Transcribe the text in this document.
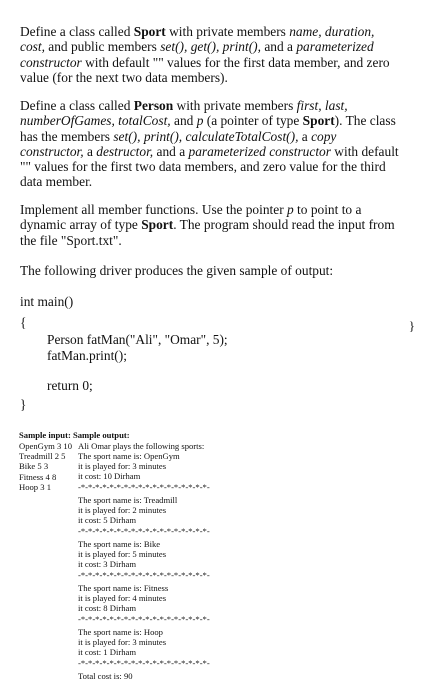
Define a class called Sport with private members name, duration, cost, and public members set(), get(), print(), and a parameterized constructor with default "" values for the first data member, and zero value (for the next two data members).
Define a class called Person with private members first, last, numberOfGames, totalCost, and p (a pointer of type Sport). The class has the members set(), print(), calculateTotalCost(), a copy constructor, a destructor, and a parameterized constructor with default "" values for the first two data members, and zero value for the third data member.
Implement all member functions. Use the pointer p to point to a dynamic array of type Sport. The program should read the input from the file "Sport.txt".
The following driver produces the given sample of output:
int main()
{
Person fatMan("Ali", "Omar", 5);
fatMan.print();
return 0;
}
}
Sample input: Sample output:
OpenGym 3 10
Treadmill 2 5
Bike 5 3
Fitness 4 8
Hoop 3 1
Ali Omar plays the following sports:
The sport name is: OpenGym
it is played for: 3 minutes
it cost: 10 Dirham
-*-*-*-*-*-*-*-*-*-*-*-*-*-*-*-*-*-*-
The sport name is: Treadmill
it is played for: 2 minutes
it cost: 5 Dirham
-*-*-*-*-*-*-*-*-*-*-*-*-*-*-*-*-*-*-
The sport name is: Bike
it is played for: 5 minutes
it cost: 3 Dirham
-*-*-*-*-*-*-*-*-*-*-*-*-*-*-*-*-*-*-
The sport name is: Fitness
it is played for: 4 minutes
it cost: 8 Dirham
-*-*-*-*-*-*-*-*-*-*-*-*-*-*-*-*-*-*-
The sport name is: Hoop
it is played for: 3 minutes
it cost: 1 Dirham
-*-*-*-*-*-*-*-*-*-*-*-*-*-*-*-*-*-*-
Total cost is: 90
